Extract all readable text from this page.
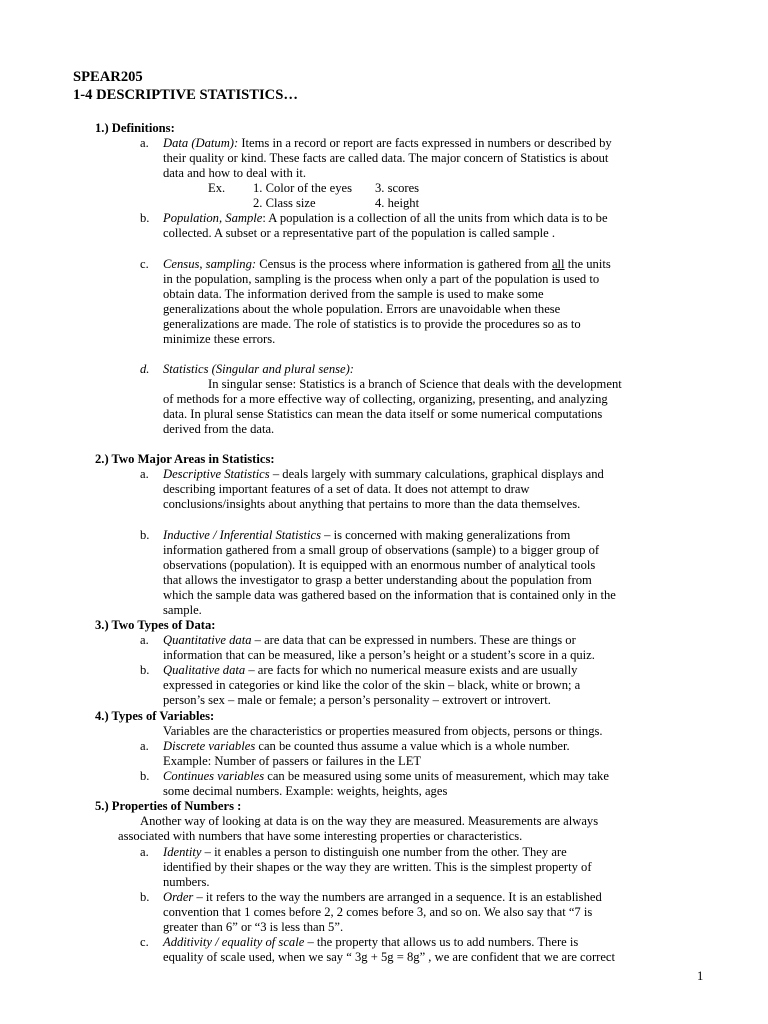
SPEAR205
1-4 DESCRIPTIVE STATISTICS…
1.) Definitions:
a. Data (Datum): Items in a record or report are facts expressed in numbers or described by
their quality or kind. These facts are called data. The major concern of Statistics is about
data and how to deal with it.
Ex. 1. Color of the eyes 3. scores
2. Class size	4. height
b. Population, Sample: A population is a collection of all the units from which data is to be
collected. A subset or a representative part of the population is called sample .
c. Census, sampling: Census is the process where information is gathered from all the units
in the population, sampling is the process when only a part of the population is used to
obtain data. The information derived from the sample is used to make some
generalizations about the whole population. Errors are unavoidable when these
generalizations are made. The role of statistics is to provide the procedures so as to
minimize these errors.
d. Statistics (Singular and plural sense):
In singular sense: Statistics is a branch of Science that deals with the development
of methods for a more effective way of collecting, organizing, presenting, and analyzing
data. In plural sense Statistics can mean the data itself or some numerical computations
derived from the data.
2.) Two Major Areas in Statistics:
a. Descriptive Statistics – deals largely with summary calculations, graphical displays and
describing important features of a set of data. It does not attempt to draw
conclusions/insights about anything that pertains to more than the data themselves.
b. Inductive / Inferential Statistics – is concerned with making generalizations from
information gathered from a small group of observations (sample) to a bigger group of
observations (population). It is equipped with an enormous number of analytical tools
that allows the investigator to grasp a better understanding about the population from
which the sample data was gathered based on the information that is contained only in the
sample.
3.) Two Types of Data:
a. Quantitative data – are data that can be expressed in numbers. These are things or
information that can be measured, like a person’s height or a student’s score in a quiz.
b. Qualitative data – are facts for which no numerical measure exists and are usually
expressed in categories or kind like the color of the skin – black, white or brown; a
person’s sex – male or female; a person’s personality – extrovert or introvert.
4.) Types of Variables:
Variables are the characteristics or properties measured from objects, persons or things.
a. Discrete variables can be counted thus assume a value which is a whole number.
Example: Number of passers or failures in the LET
b. Continues variables can be measured using some units of measurement, which may take
some decimal numbers. Example: weights, heights, ages
5.) Properties of Numbers :
Another way of looking at data is on the way they are measured. Measurements are always
associated with numbers that have some interesting properties or characteristics.
a. Identity – it enables a person to distinguish one number from the other. They are
identified by their shapes or the way they are written. This is the simplest property of
numbers.
b. Order – it refers to the way the numbers are arranged in a sequence. It is an established
convention that 1 comes before 2, 2 comes before 3, and so on. We also say that “7 is
greater than 6” or “3 is less than 5”.
c. Additivity / equality of scale – the property that allows us to add numbers. There is
equality of scale used, when we say “ 3g + 5g = 8g” , we are confident that we are correct
1
